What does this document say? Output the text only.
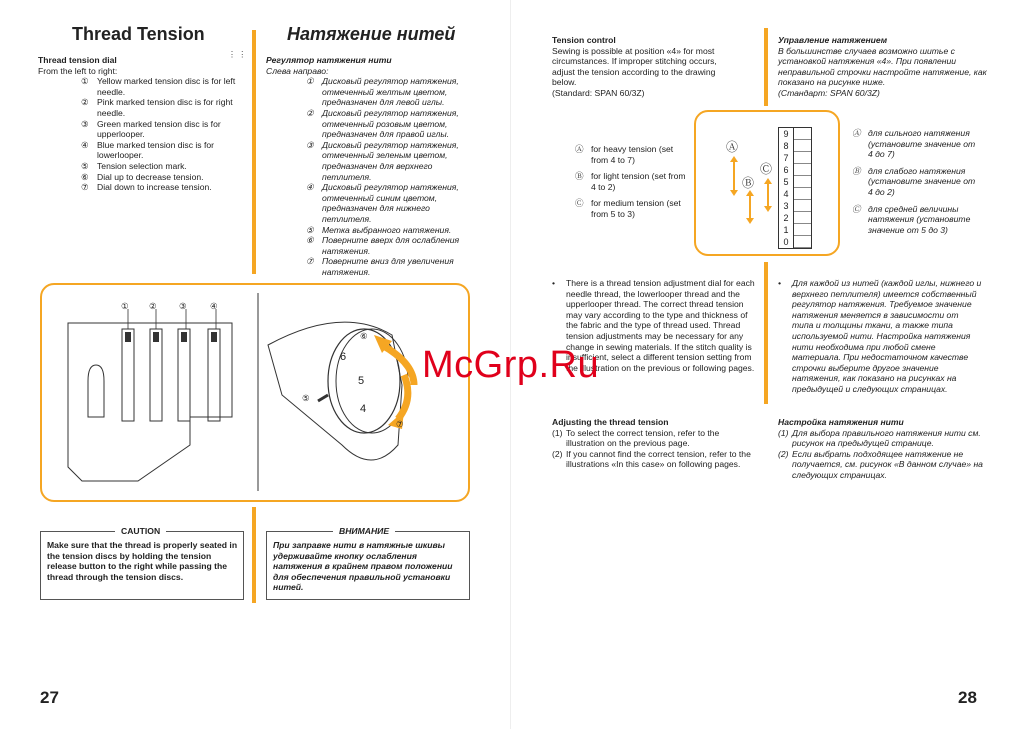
Thread Tension	Натяжение нитей
⋮ ⋮
Thread tension dial
From the left to right:
① Yellow marked tension disc is for left needle.
② Pink marked tension disc is for right needle.
③ Green marked tension disc is for upperlooper.
④ Blue marked tension disc is for lowerlooper.
⑤ Tension selection mark.
⑥ Dial up to decrease tension.
⑦ Dial down to increase tension.
Регулятор натяжения нити
Слева направо:
① Дисковый регулятор натяжения, отмеченный желтым цветом, предназначен для левой иглы.
② Дисковый регулятор натяжения, отмеченный розовым цветом, предназначен для правой иглы.
③ Дисковый регулятор натяжения, отмеченный зеленым цветом, предназначен для верхнего петлителя.
④ Дисковый регулятор натяжения, отмеченный синим цветом, предназначен для нижнего петлителя.
⑤ Метка выбранного натяжения.
⑥ Поверните вверх для ослабления натяжения.
⑦ Поверните вниз для увеличения натяжения.
① ②	③	④
⑤
⑥
⑦
6
5
4
CAUTION
Make sure that the thread is properly seated in the tension discs by holding the tension release button to the right while passing the thread through the tension discs.
ВНИМАНИЕ
При заправке нити в натяжные шкивы удерживайте кнопку ослабления натяжения в крайнем правом положении для обеспечения правильной установки нитей.
27
Tension control
Sewing is possible at position «4» for most circumstances. If improper stitching occurs, adjust the tension according to the drawing below.
(Standard: SPAN 60/3Z)
Управление натяжением
В большинстве случаев возможно шитье с установкой натяжения «4». При появлении неправильной строчки настройте натяжение, как показано на рисунке ниже.
(Стандарт: SPAN 60/3Z)
Ⓐ for heavy tension (set from 4 to 7)
Ⓑ for light tension (set from 4 to 2)
Ⓒ for medium tension (set from 5 to 3)
Ⓐ
Ⓑ
Ⓒ
9
8
7
6
5
4
3
2
1
0
Ⓐ для сильного натяжения (установите значение от 4 до 7)
Ⓑ для слабого натяжения (установите значение от 4 до 2)
Ⓒ для средней величины натяжения (установите значение от 5 до 3)
• There is a thread tension adjustment dial for each needle thread, the lowerlooper thread and the upperlooper thread. The correct thread tension may vary according to the type and thickness of the fabric and the type of thread used. Thread tension adjustments may be necessary for any change in sewing materials. If the stitch quality is insufficient, select a different tension setting from the illustration on the previous or following pages.
• Для каждой из нитей (каждой иглы, нижнего и верхнего петлителя) имеется собственный регулятор натяжения. Требуемое значение натяжения меняется в зависимости от типа и толщины ткани, а также типа используемой нити. Настройка натяжения нити необходима при любой смене материала. При недостаточном качестве строчки выберите другое значение натяжения, как показано на рисунках на предыдущей и следующих страницах.
Adjusting the thread tension
(1) To select the correct tension, refer to the illustration on the previous page.
(2) If you cannot find the correct tension, refer to the illustrations «In this case» on following pages.
Настройка натяжения нити
(1) Для выбора правильного натяжения нити см. рисунок на предыдущей странице.
(2) Если выбрать подходящее натяжение не получается, см. рисунок «В данном случае» на следующих страницах.
28
McGrp.Ru
